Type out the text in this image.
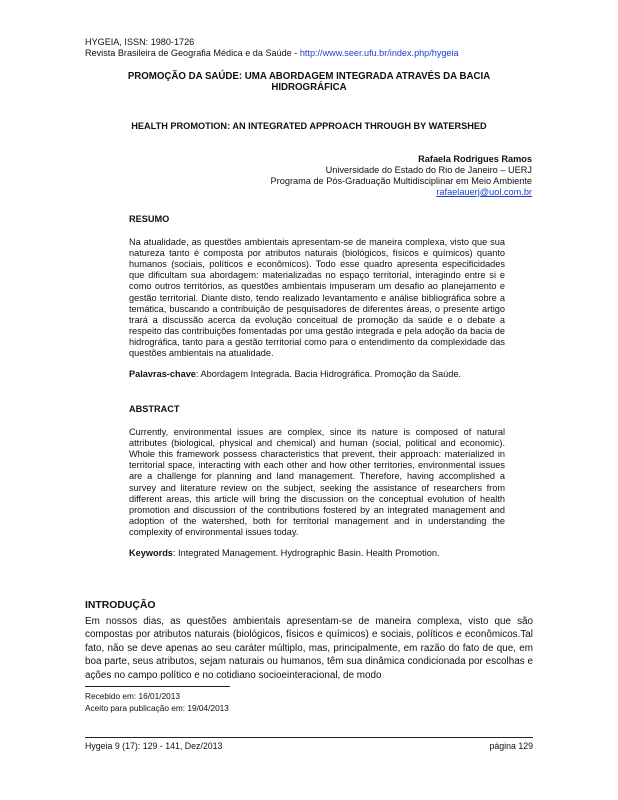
HYGEIA, ISSN: 1980-1726
Revista Brasileira de Geografia Médica e da Saúde - http://www.seer.ufu.br/index.php/hygeia
PROMOÇÃO DA SAÚDE: UMA ABORDAGEM INTEGRADA ATRAVÉS DA BACIA HIDROGRÁFICA
HEALTH PROMOTION: AN INTEGRATED APPROACH THROUGH BY WATERSHED
Rafaela Rodrigues Ramos
Universidade do Estado do Rio de Janeiro – UERJ
Programa de Pós-Graduação Multidisciplinar em Meio Ambiente
rafaelauerj@uol.com.br
RESUMO

Na atualidade, as questões ambientais apresentam-se de maneira complexa, visto que sua natureza tanto é composta por atributos naturais (biológicos, físicos e químicos) quanto humanos (sociais, políticos e econômicos). Todo esse quadro apresenta especificidades que dificultam sua abordagem: materializadas no espaço territorial, interagindo entre si e como outros territórios, as questões ambientais impuseram um desafio ao planejamento e gestão territorial. Diante disto, tendo realizado levantamento e análise bibliográfica sobre a temática, buscando a contribuição de pesquisadores de diferentes áreas, o presente artigo trará a discussão acerca da evolução conceitual de promoção da saúde e o debate a respeito das contribuições fomentadas por uma gestão integrada e pela adoção da bacia de hidrográfica, tanto para a gestão territorial como para o entendimento da complexidade das questões ambientais na atualidade.

Palavras-chave: Abordagem Integrada. Bacia Hidrográfica. Promoção da Saúde.

ABSTRACT

Currently, environmental issues are complex, since its nature is composed of natural attributes (biological, physical and chemical) and human (social, political and economic). Whole this framework possess characteristics that prevent, their approach: materialized in territorial space, interacting with each other and how other territories, environmental issues are a challenge for planning and land management. Therefore, having accomplished a survey and literature review on the subject, seeking the assistance of researchers from different areas, this article will bring the discussion on the conceptual evolution of health promotion and discussion of the contributions fostered by an integrated management and adoption of the watershed, both for territorial management and in understanding the complexity of environmental issues today.

Keywords: Integrated Management. Hydrographic Basin. Health Promotion.

INTRODUÇÃO

Em nossos dias, as questões ambientais apresentam-se de maneira complexa, visto que são compostas por atributos naturais (biológicos, físicos e químicos) e sociais, políticos e econômicos.Tal fato, não se deve apenas ao seu caráter múltiplo, mas, principalmente, em razão do fato de que, em boa parte, seus atributos, sejam naturais ou humanos, têm sua dinâmica condicionada por escolhas e ações no campo político e no cotidiano socioeinteracional, de modo

Recebido em: 16/01/2013
Aceito para publicação em: 19/04/2013
Hygeia 9 (17): 129 - 141, Dez/2013	página 129
